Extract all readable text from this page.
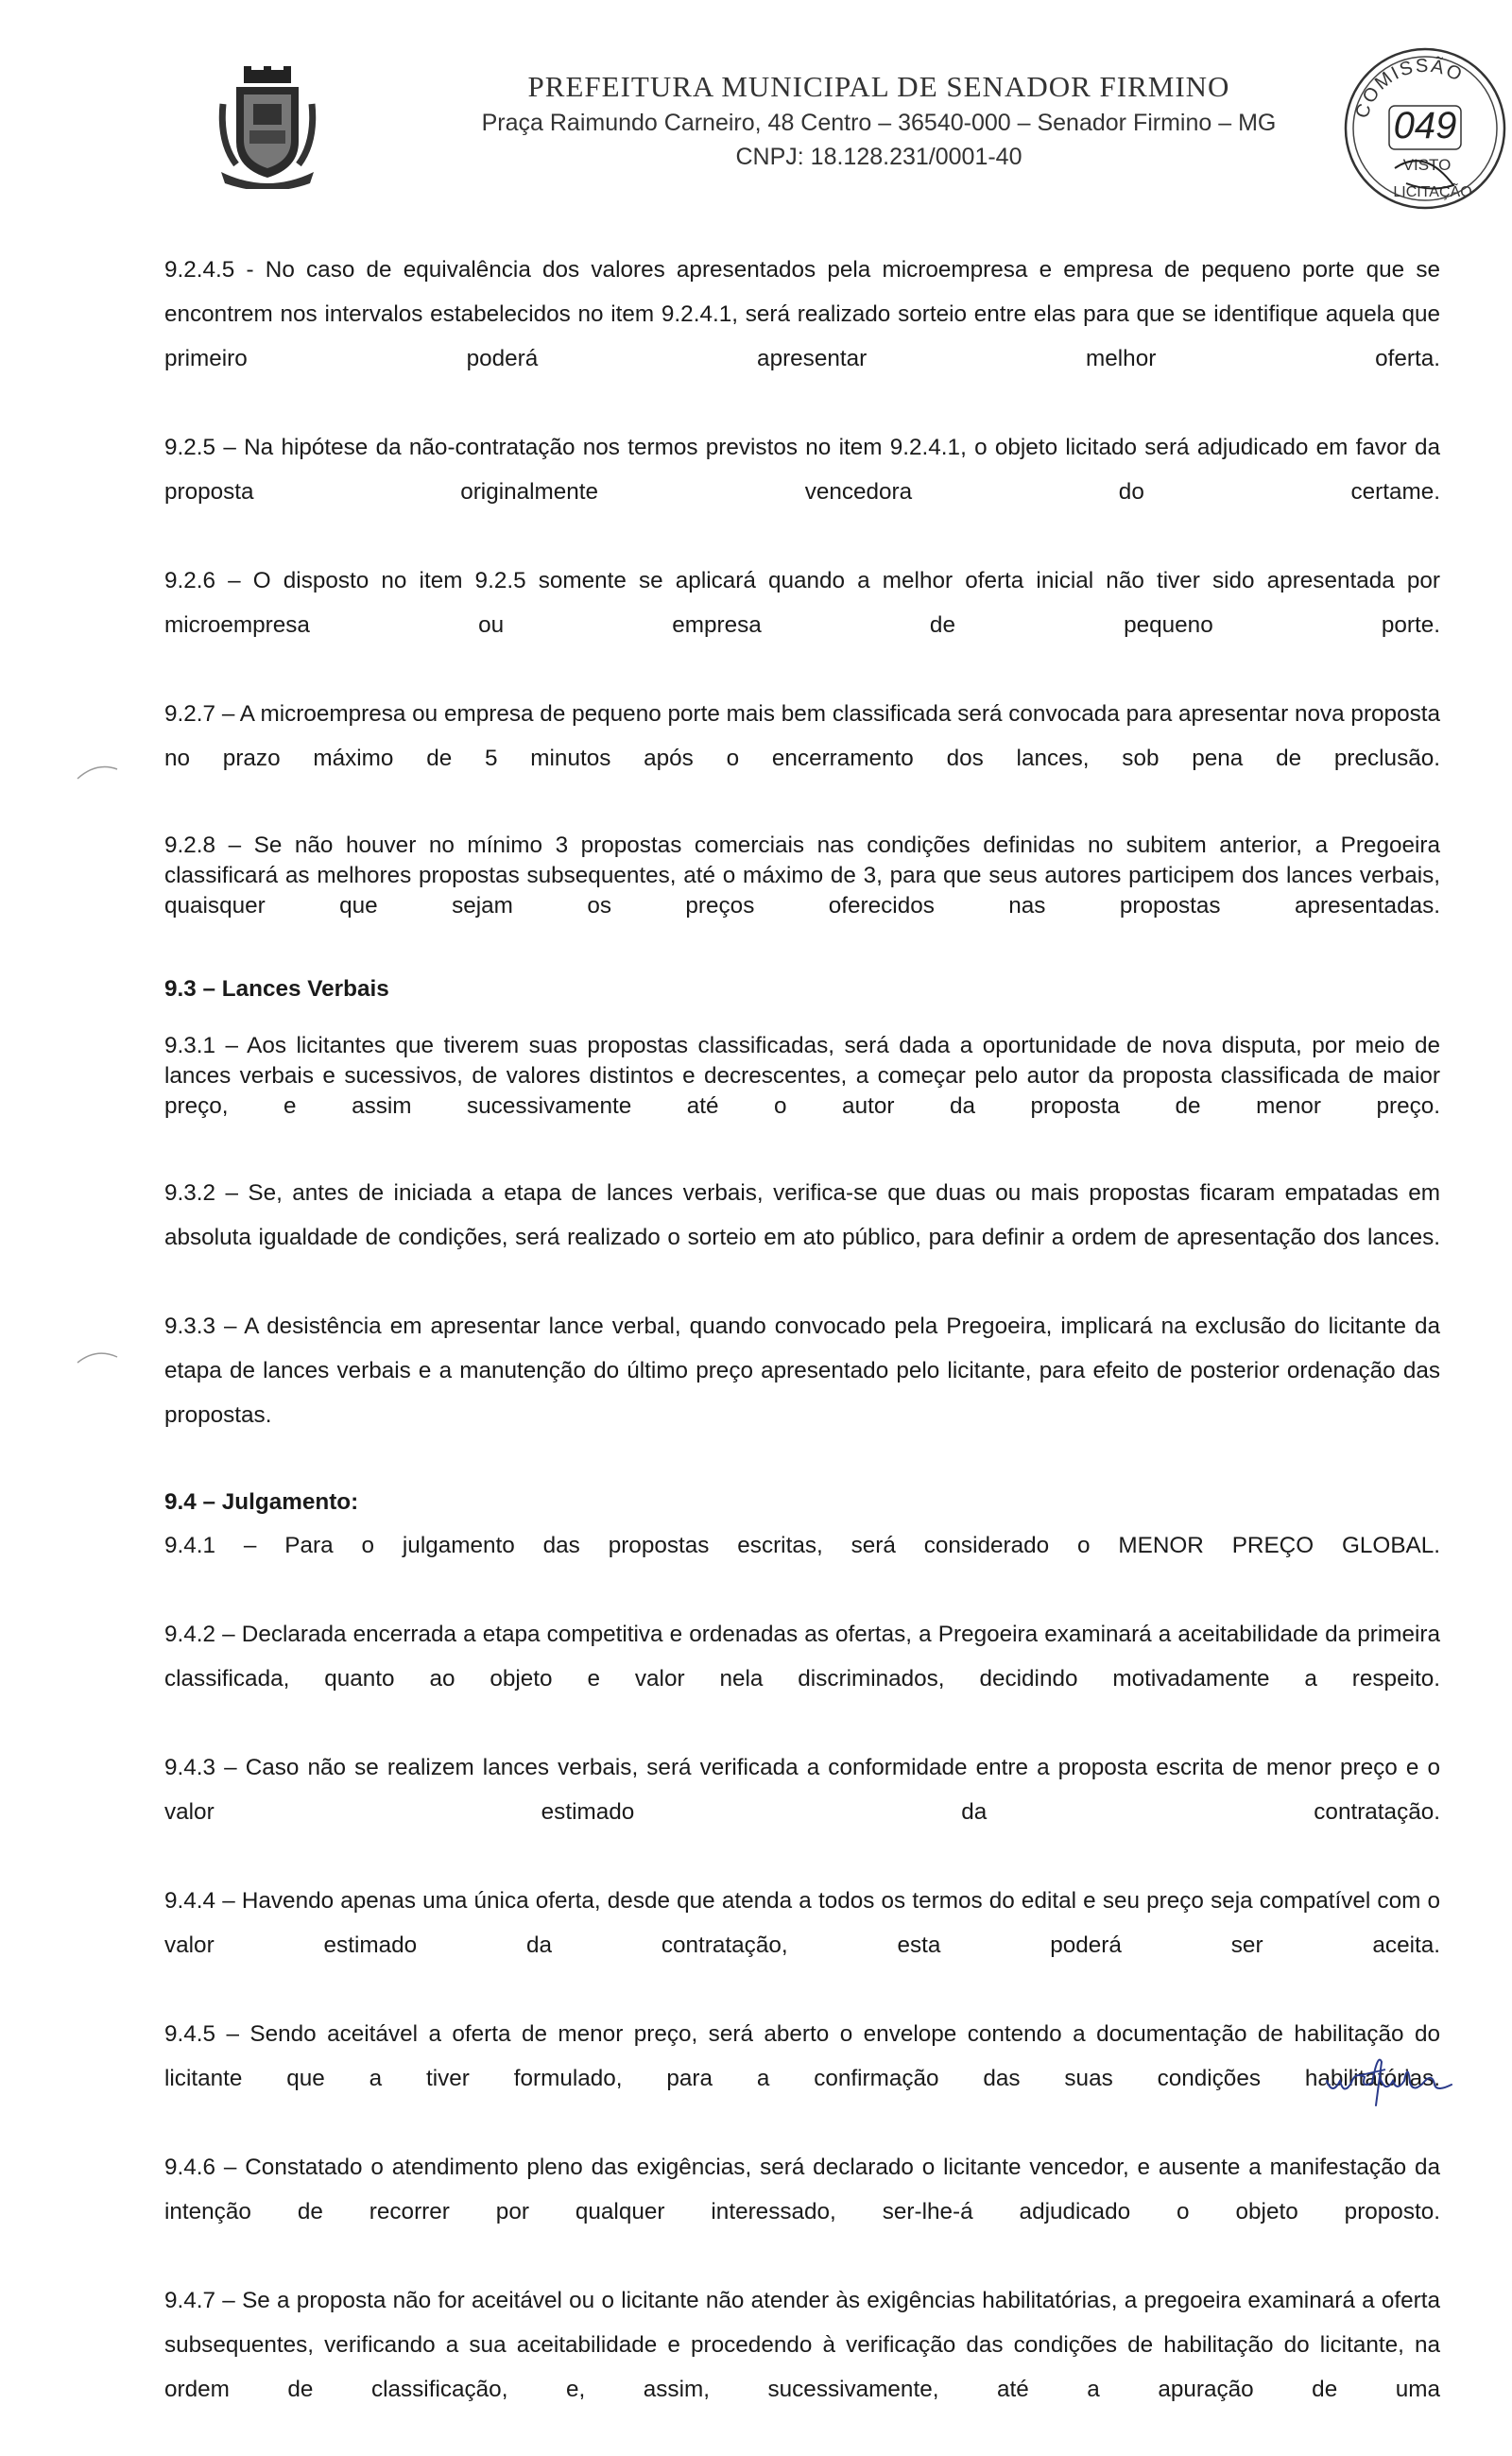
PREFEITURA MUNICIPAL DE SENADOR FIRMINO
Praça Raimundo Carneiro, 48 Centro – 36540-000 – Senador Firmino – MG
CNPJ: 18.128.231/0001-40
COMISSÃO
049
VISTO
LICITAÇÃO

9.2.4.5 - No caso de equivalência dos valores apresentados pela microempresa e empresa de pequeno porte que se encontrem nos intervalos estabelecidos no item 9.2.4.1, será realizado sorteio entre elas para que se identifique aquela que primeiro poderá apresentar melhor oferta.

9.2.5 – Na hipótese da não-contratação nos termos previstos no item 9.2.4.1, o objeto licitado será adjudicado em favor da proposta originalmente vencedora do certame.

9.2.6 – O disposto no item 9.2.5 somente se aplicará quando a melhor oferta inicial não tiver sido apresentada por microempresa ou empresa de pequeno porte.

9.2.7 – A microempresa ou empresa de pequeno porte mais bem classificada será convocada para apresentar nova proposta no prazo máximo de 5 minutos após o encerramento dos lances, sob pena de preclusão.

9.2.8 – Se não houver no mínimo 3 propostas comerciais nas condições definidas no subitem anterior, a Pregoeira classificará as melhores propostas subsequentes, até o máximo de 3, para que seus autores participem dos lances verbais, quaisquer que sejam os preços oferecidos nas propostas apresentadas.

9.3 – Lances Verbais

9.3.1 – Aos licitantes que tiverem suas propostas classificadas, será dada a oportunidade de nova disputa, por meio de lances verbais e sucessivos, de valores distintos e decrescentes, a começar pelo autor da proposta classificada de maior preço, e assim sucessivamente até o autor da proposta de menor preço.

9.3.2 – Se, antes de iniciada a etapa de lances verbais, verifica-se que duas ou mais propostas ficaram empatadas em absoluta igualdade de condições, será realizado o sorteio em ato público, para definir a ordem de apresentação dos lances.

9.3.3 – A desistência em apresentar lance verbal, quando convocado pela Pregoeira, implicará na exclusão do licitante da etapa de lances verbais e a manutenção do último preço apresentado pelo licitante, para efeito de posterior ordenação das propostas.

9.4 – Julgamento:

9.4.1 – Para o julgamento das propostas escritas, será considerado o MENOR PREÇO GLOBAL.

9.4.2 – Declarada encerrada a etapa competitiva e ordenadas as ofertas, a Pregoeira examinará a aceitabilidade da primeira classificada, quanto ao objeto e valor nela discriminados, decidindo motivadamente a respeito.

9.4.3 – Caso não se realizem lances verbais, será verificada a conformidade entre a proposta escrita de menor preço e o valor estimado da contratação.

9.4.4 – Havendo apenas uma única oferta, desde que atenda a todos os termos do edital e seu preço seja compatível com o valor estimado da contratação, esta poderá ser aceita.

9.4.5 – Sendo aceitável a oferta de menor preço, será aberto o envelope contendo a documentação de habilitação do licitante que a tiver formulado, para a confirmação das suas condições habilitatórias.

9.4.6 – Constatado o atendimento pleno das exigências, será declarado o licitante vencedor, e ausente a manifestação da intenção de recorrer por qualquer interessado, ser-lhe-á adjudicado o objeto proposto.

9.4.7 – Se a proposta não for aceitável ou o licitante não atender às exigências habilitatórias, a pregoeira examinará a oferta subsequentes, verificando a sua aceitabilidade e procedendo à verificação das condições de habilitação do licitante, na ordem de classificação, e, assim, sucessivamente, até a apuração de uma
